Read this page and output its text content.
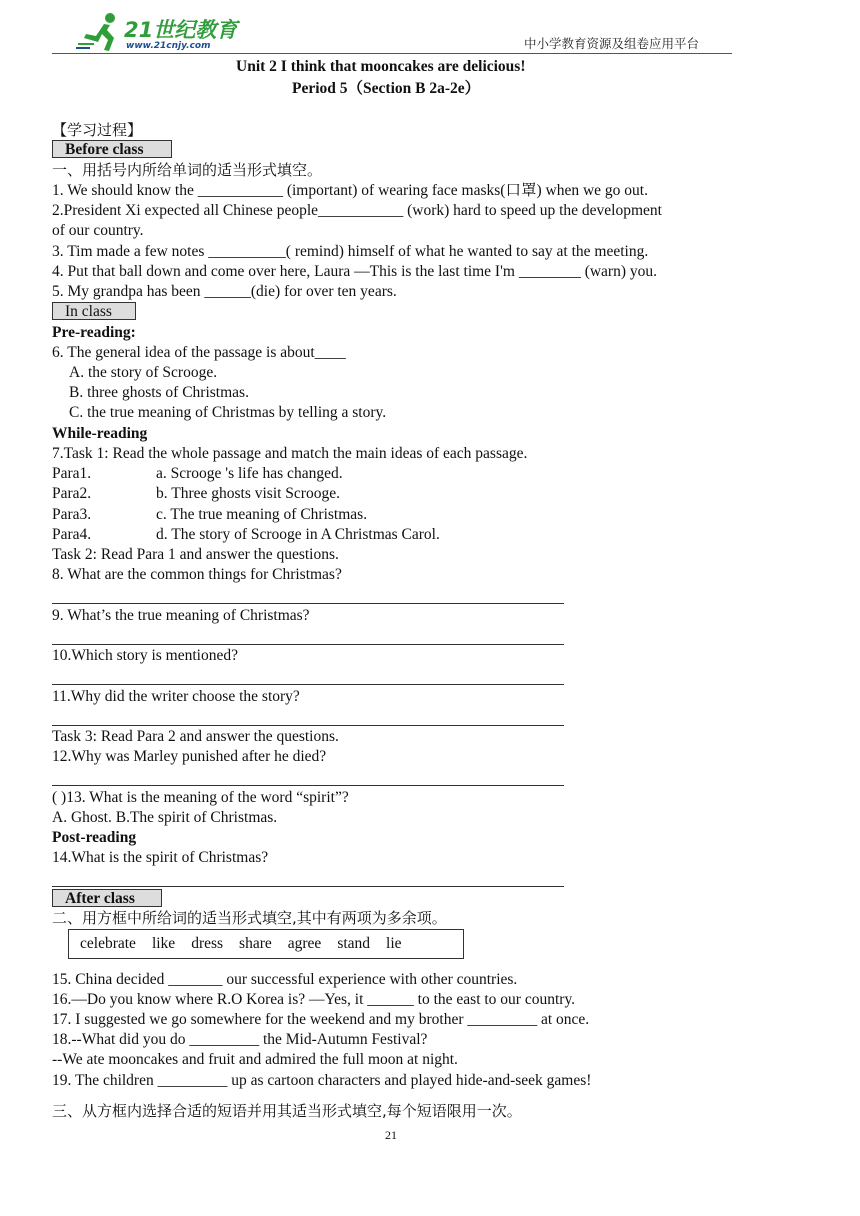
21世纪教育
www.21cnjy.com	中小学教育资源及组卷应用平台
Unit 2 I think that mooncakes are delicious!
Period 5（Section B 2a-2e）
【学习过程】
Before class
一、用括号内所给单词的适当形式填空。
1. We should know the ___________ (important) of wearing face masks(口罩) when we go out.
2.President Xi expected all Chinese people___________ (work) hard to speed up the development
of our country.
3. Tim made a few notes __________( remind) himself of what he wanted to say at the meeting.
4. Put that ball down and come over here, Laura —This is the last time I'm ________ (warn) you.
5. My grandpa has been ______(die) for over ten years.
In class
Pre-reading:
6. The general idea of the passage is about____
A. the story of Scrooge.
B. three ghosts of Christmas.
C. the true meaning of Christmas by telling a story.
While-reading
7.Task 1: Read the whole passage and match the main ideas of each passage.
Para1.	a. Scrooge 's life has changed.
Para2.	b. Three ghosts visit Scrooge.
Para3.	c. The true meaning of Christmas.
Para4.	d. The story of Scrooge in A Christmas Carol.
Task 2: Read Para 1 and answer the questions.
8. What are the common things for Christmas?
9. What’s the true meaning of Christmas?
10.Which story is mentioned?
11.Why did the writer choose the story?
Task 3: Read Para 2 and answer the questions.
12.Why was Marley punished after he died?
( )13. What is the meaning of the word “spirit”?
A. Ghost. B.The spirit of Christmas.
Post-reading
14.What is the spirit of Christmas?
After class
二、用方框中所给词的适当形式填空,其中有两项为多余项。
celebrate like dress share agree stand lie
15. China decided _______ our successful experience with other countries.
16.—Do you know where R.O Korea is? —Yes, it ______ to the east to our country.
17. I suggested we go somewhere for the weekend and my brother _________ at once.
18.--What did you do _________ the Mid-Autumn Festival?
--We ate mooncakes and fruit and admired the full moon at night.
19. The children _________ up as cartoon characters and played hide-and-seek games!
三、从方框内选择合适的短语并用其适当形式填空,每个短语限用一次。
21
